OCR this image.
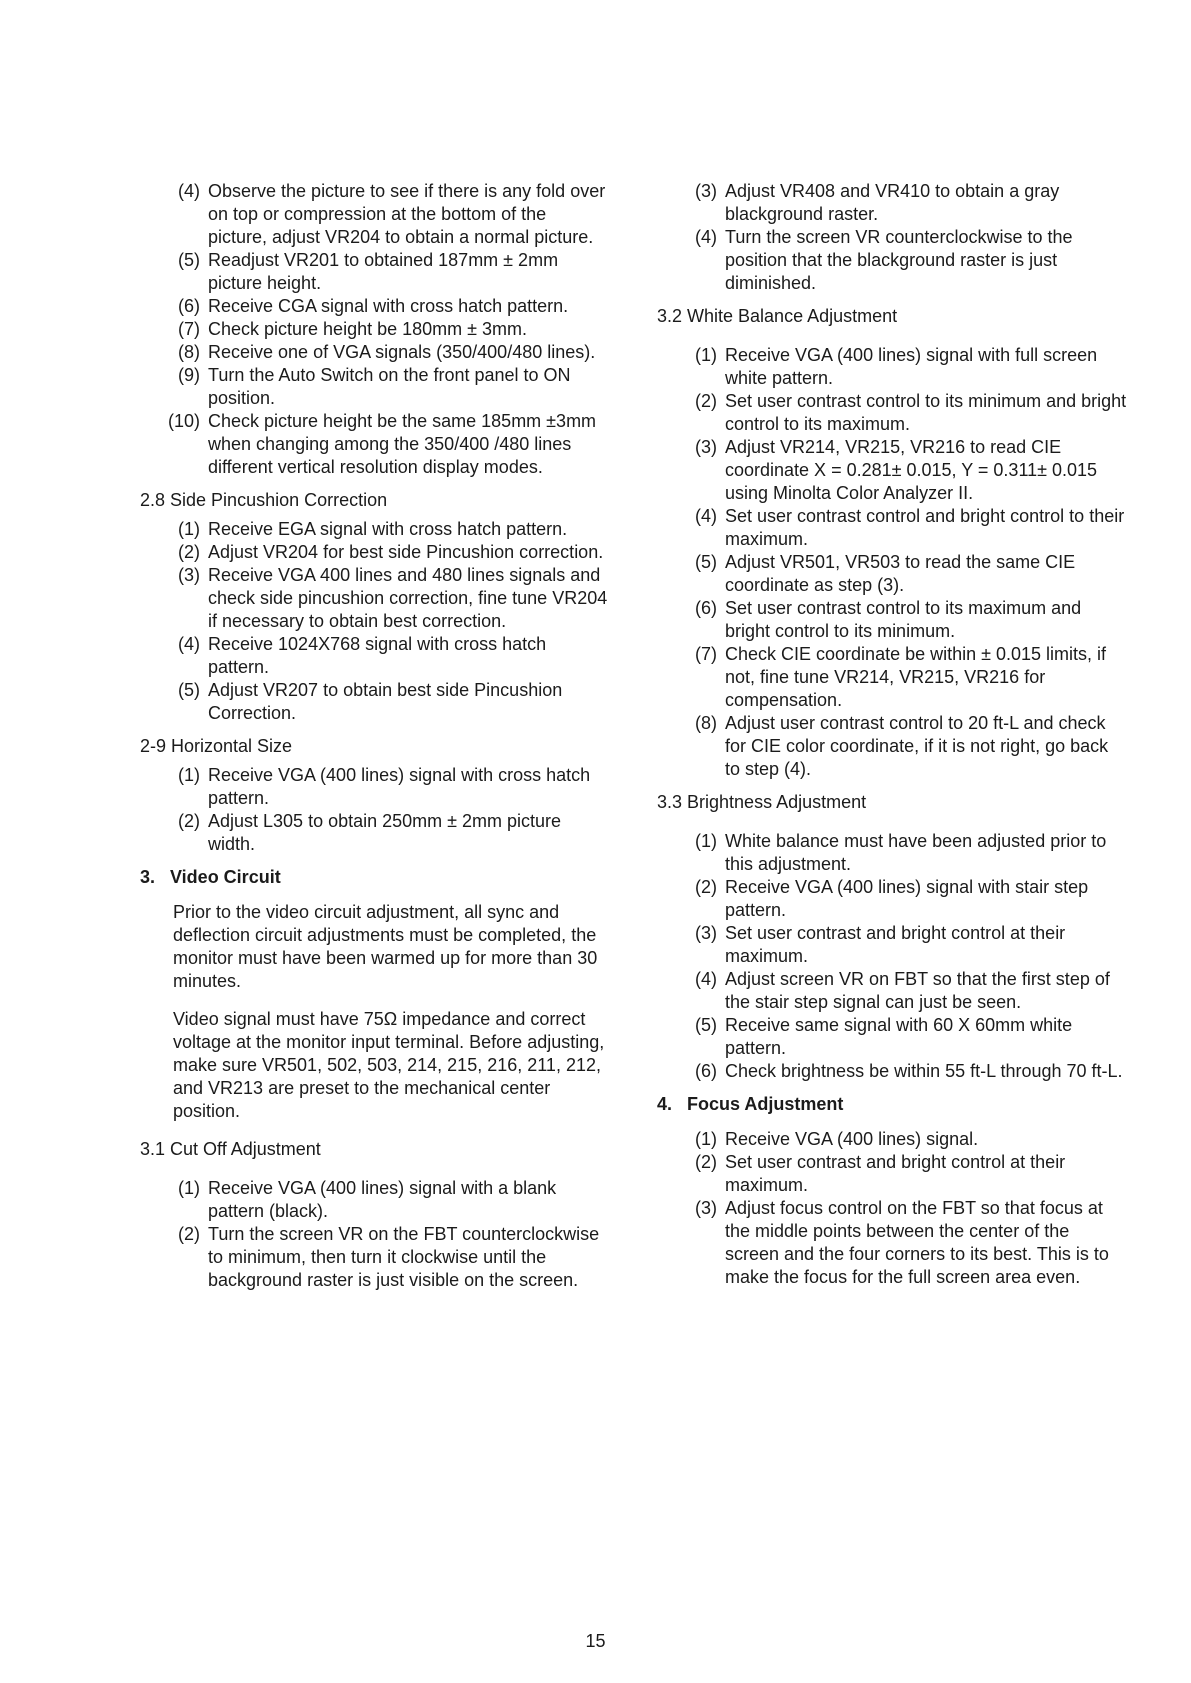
(4) Observe the picture to see if there is any fold over on top or compression at the bottom of the picture, adjust VR204 to obtain a normal picture.
(5) Readjust VR201 to obtained 187mm ± 2mm picture height.
(6) Receive CGA signal with cross hatch pattern.
(7) Check picture height be 180mm ± 3mm.
(8) Receive one of VGA signals (350/400/480 lines).
(9) Turn the Auto Switch on the front panel to ON position.
(10) Check picture height be the same 185mm ±3mm when changing among the 350/400 /480 lines different vertical resolution display modes.

2.8 Side Pincushion Correction

(1) Receive EGA signal with cross hatch pattern.
(2) Adjust VR204 for best side Pincushion correction.
(3) Receive VGA 400 lines and 480 lines signals and check side pincushion correction, fine tune VR204 if necessary to obtain best correction.
(4) Receive 1024X768 signal with cross hatch pattern.
(5) Adjust VR207 to obtain best side Pincushion Correction.

2-9 Horizontal Size

(1) Receive VGA (400 lines) signal with cross hatch pattern.
(2) Adjust L305 to obtain 250mm ± 2mm picture width.
3. Video Circuit

Prior to the video circuit adjustment, all sync and deflection circuit adjustments must be completed, the monitor must have been warmed up for more than 30 minutes.

Video signal must have 75Ω impedance and correct voltage at the monitor input terminal. Before adjusting, make sure VR501, 502, 503, 214, 215, 216, 211, 212, and VR213 are preset to the mechanical center position.

3.1 Cut Off Adjustment

(1) Receive VGA (400 lines) signal with a blank pattern (black).
(2) Turn the screen VR on the FBT counterclockwise to minimum, then turn it clockwise until the background raster is just visible on the screen.
(3) Adjust VR408 and VR410 to obtain a gray blackground raster.
(4) Turn the screen VR counterclockwise to the position that the blackground raster is just diminished.

3.2 White Balance Adjustment

(1) Receive VGA (400 lines) signal with full screen white pattern.
(2) Set user contrast control to its minimum and bright control to its maximum.
(3) Adjust VR214, VR215, VR216 to read CIE coordinate X = 0.281± 0.015, Y = 0.311± 0.015 using Minolta Color Analyzer II.
(4) Set user contrast control and bright control to their maximum.
(5) Adjust VR501, VR503 to read the same CIE coordinate as step (3).
(6) Set user contrast control to its maximum and bright control to its minimum.
(7) Check CIE coordinate be within ± 0.015 limits, if not, fine tune VR214, VR215, VR216 for compensation.
(8) Adjust user contrast control to 20 ft-L and check for CIE color coordinate, if it is not right, go back to step (4).

3.3 Brightness Adjustment

(1) White balance must have been adjusted prior to this adjustment.
(2) Receive VGA (400 lines) signal with stair step pattern.
(3) Set user contrast and bright control at their maximum.
(4) Adjust screen VR on FBT so that the first step of the stair step signal can just be seen.
(5) Receive same signal with 60 X 60mm white pattern.
(6) Check brightness be within 55 ft-L through 70 ft-L.
4. Focus Adjustment
(1) Receive VGA (400 lines) signal.
(2) Set user contrast and bright control at their maximum.
(3) Adjust focus control on the FBT so that focus at the middle points between the center of the screen and the four corners to its best. This is to make the focus for the full screen area even.
15
